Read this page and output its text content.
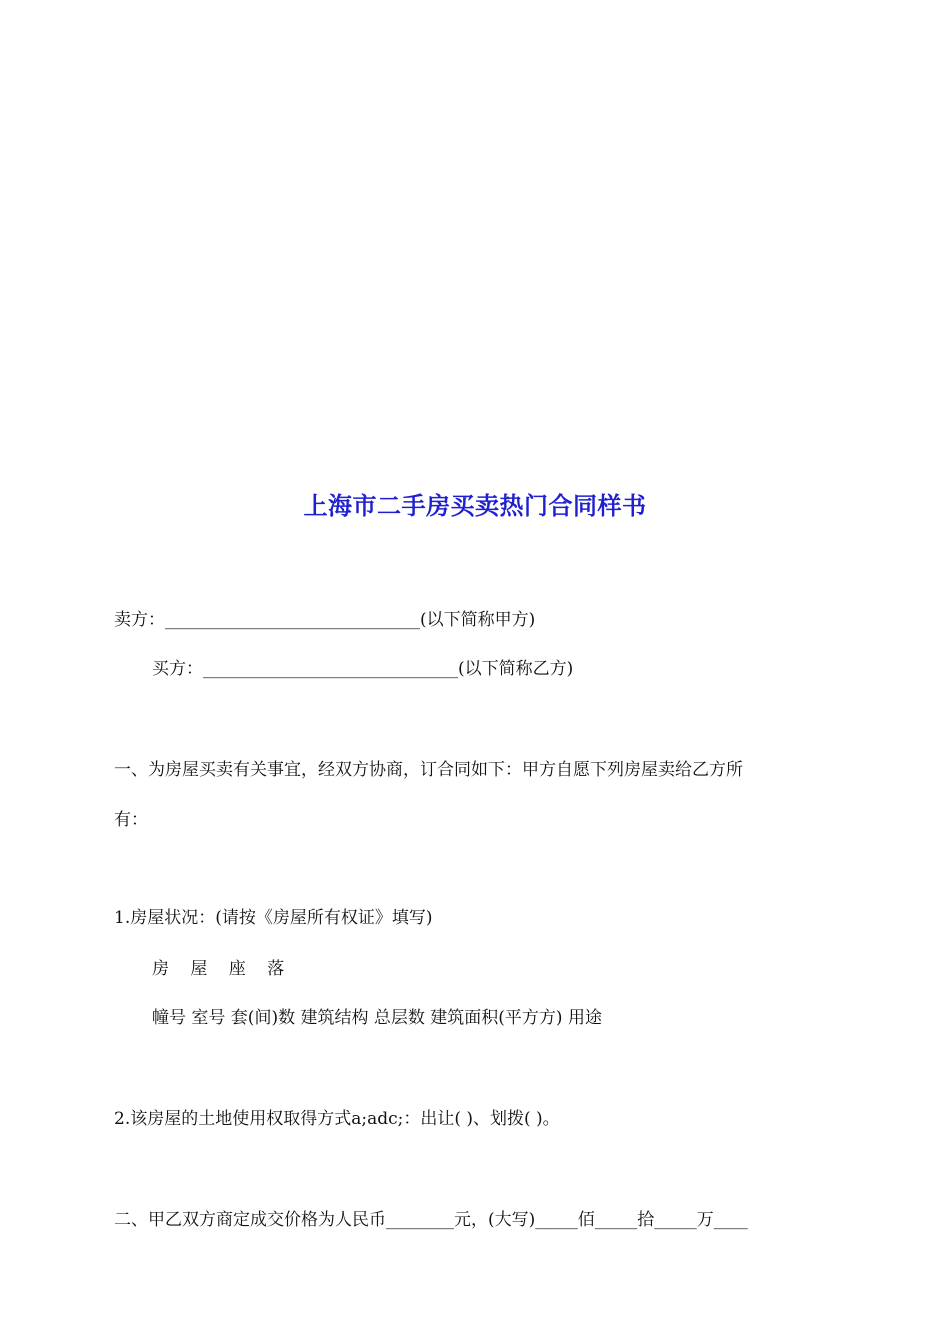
上海市二手房买卖热门合同样书
卖方：______________________________(以下简称甲方)
买方：______________________________(以下简称乙方)
一、为房屋买卖有关事宜，经双方协商，订合同如下：甲方自愿下列房屋卖给乙方所
有：
1.房屋状况：(请按《房屋所有权证》填写)
房 屋 座 落
幢号 室号 套(间)数 建筑结构 总层数 建筑面积(平方方) 用途
2.该房屋的土地使用权取得方式a;adc;：出让( )、划拨( )。
二、甲乙双方商定成交价格为人民币________元，(大写)_____佰_____拾_____万____
